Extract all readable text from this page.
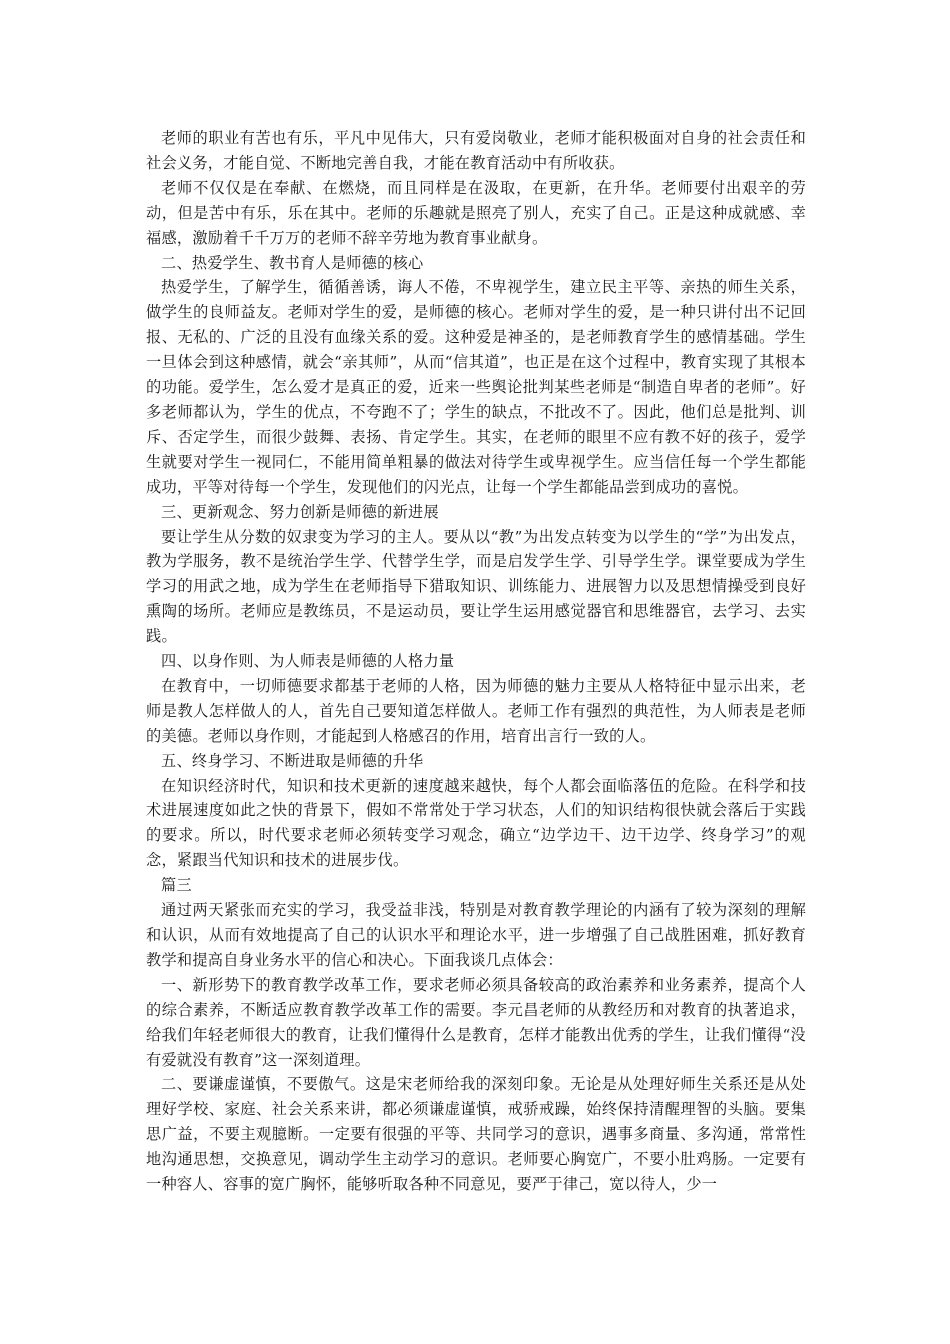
老师的职业有苦也有乐，平凡中见伟大，只有爱岗敬业，老师才能积极面对自身的社会责任和社会义务，才能自觉、不断地完善自我，才能在教育活动中有所收获。

老师不仅仅是在奉献、在燃烧，而且同样是在汲取，在更新，在升华。老师要付出艰辛的劳动，但是苦中有乐，乐在其中。老师的乐趣就是照亮了别人，充实了自己。正是这种成就感、幸福感，激励着千千万万的老师不辞辛劳地为教育事业献身。

二、热爱学生、教书育人是师德的核心

热爱学生，了解学生，循循善诱，诲人不倦，不卑视学生，建立民主平等、亲热的师生关系，做学生的良师益友。老师对学生的爱，是师德的核心。老师对学生的爱，是一种只讲付出不记回报、无私的、广泛的且没有血缘关系的爱。这种爱是神圣的，是老师教育学生的感情基础。学生一旦体会到这种感情，就会“亲其师”，从而“信其道”，也正是在这个过程中，教育实现了其根本的功能。爱学生，怎么爱才是真正的爱，近来一些舆论批判某些老师是“制造自卑者的老师”。好多老师都认为，学生的优点，不夸跑不了；学生的缺点，不批改不了。因此，他们总是批判、训斥、否定学生，而很少鼓舞、表扬、肯定学生。其实，在老师的眼里不应有教不好的孩子，爱学生就要对学生一视同仁，不能用简单粗暴的做法对待学生或卑视学生。应当信任每一个学生都能成功，平等对待每一个学生，发现他们的闪光点，让每一个学生都能品尝到成功的喜悦。

三、更新观念、努力创新是师德的新进展

要让学生从分数的奴隶变为学习的主人。要从以“教”为出发点转变为以学生的“学”为出发点，教为学服务，教不是统治学生学、代替学生学，而是启发学生学、引导学生学。课堂要成为学生学习的用武之地，成为学生在老师指导下猎取知识、训练能力、进展智力以及思想情操受到良好熏陶的场所。老师应是教练员，不是运动员，要让学生运用感觉器官和思维器官，去学习、去实践。

四、以身作则、为人师表是师德的人格力量

在教育中，一切师德要求都基于老师的人格，因为师德的魅力主要从人格特征中显示出来，老师是教人怎样做人的人，首先自己要知道怎样做人。老师工作有强烈的典范性，为人师表是老师的美德。老师以身作则，才能起到人格感召的作用，培育出言行一致的人。

五、终身学习、不断进取是师德的升华

在知识经济时代，知识和技术更新的速度越来越快，每个人都会面临落伍的危险。在科学和技术进展速度如此之快的背景下，假如不常常处于学习状态，人们的知识结构很快就会落后于实践的要求。所以，时代要求老师必须转变学习观念，确立“边学边干、边干边学、终身学习”的观念，紧跟当代知识和技术的进展步伐。

篇三

通过两天紧张而充实的学习，我受益非浅，特别是对教育教学理论的内涵有了较为深刻的理解和认识，从而有效地提高了自己的认识水平和理论水平，进一步增强了自己战胜困难，抓好教育教学和提高自身业务水平的信心和决心。下面我谈几点体会：

一、新形势下的教育教学改革工作，要求老师必须具备较高的政治素养和业务素养，提高个人的综合素养，不断适应教育教学改革工作的需要。李元昌老师的从教经历和对教育的执著追求，给我们年轻老师很大的教育，让我们懂得什么是教育，怎样才能教出优秀的学生，让我们懂得“没有爱就没有教育”这一深刻道理。

二、要谦虚谨慎，不要傲气。这是宋老师给我的深刻印象。无论是从处理好师生关系还是从处理好学校、家庭、社会关系来讲，都必须谦虚谨慎，戒骄戒躁，始终保持清醒理智的头脑。要集思广益，不要主观臆断。一定要有很强的平等、共同学习的意识，遇事多商量、多沟通，常常性地沟通思想，交换意见，调动学生主动学习的意识。老师要心胸宽广，不要小肚鸡肠。一定要有一种容人、容事的宽广胸怀，能够听取各种不同意见，要严于律己，宽以待人，少一
